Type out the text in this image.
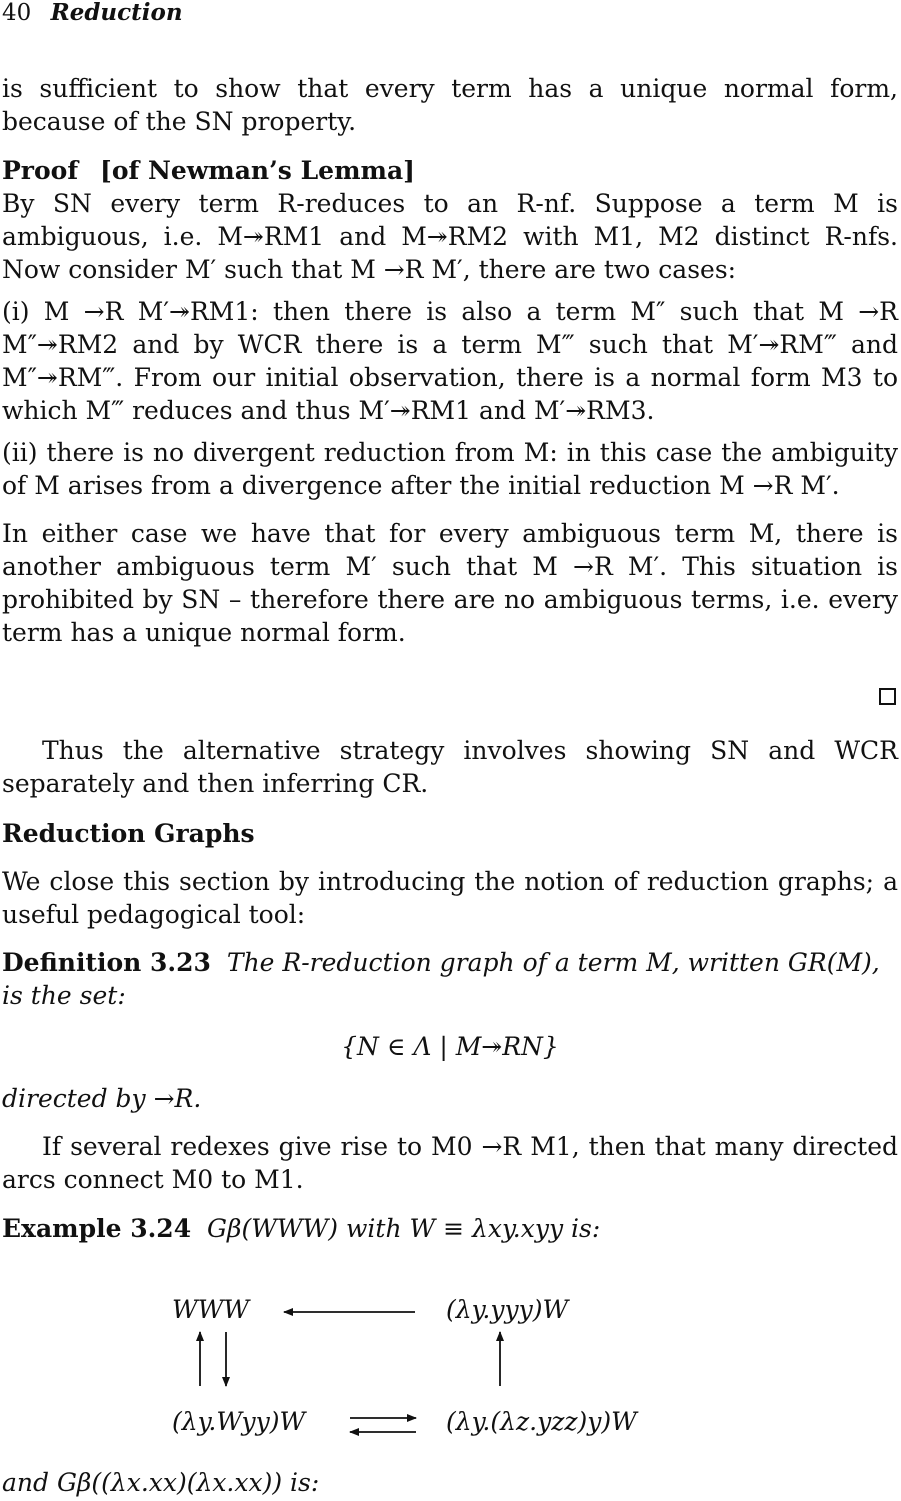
40 Reduction
is sufficient to show that every term has a unique normal form, because of the SN property.
Proof [of Newman’s Lemma]
By SN every term R-reduces to an R-nf. Suppose a term M is ambiguous, i.e. M↠RM1 and M↠RM2 with M1, M2 distinct R-nfs. Now consider M′ such that M →R M′, there are two cases:
(i) M →R M′↠RM1: then there is also a term M″ such that M →R M″↠RM2 and by WCR there is a term M‴ such that M′↠RM‴ and M″↠RM‴. From our initial observation, there is a normal form M3 to which M‴ reduces and thus M′↠RM1 and M′↠RM3.
(ii) there is no divergent reduction from M: in this case the ambiguity of M arises from a divergence after the initial reduction M →R M′.
In either case we have that for every ambiguous term M, there is another ambiguous term M′ such that M →R M′. This situation is prohibited by SN – therefore there are no ambiguous terms, i.e. every term has a unique normal form.
Thus the alternative strategy involves showing SN and WCR separately and then inferring CR.
Reduction Graphs
We close this section by introducing the notion of reduction graphs; a useful pedagogical tool:
Definition 3.23 The R-reduction graph of a term M, written GR(M), is the set:
{N ∈ Λ | M↠RN}
directed by →R.
If several redexes give rise to M0 →R M1, then that many directed arcs connect M0 to M1.
Example 3.24 Gβ(WWW) with W ≡ λxy.xyy is:
WWW	(λy.yyy)W
(λy.Wyy)W	(λy.(λz.yzz)y)W
and Gβ((λx.xx)(λx.xx)) is:
